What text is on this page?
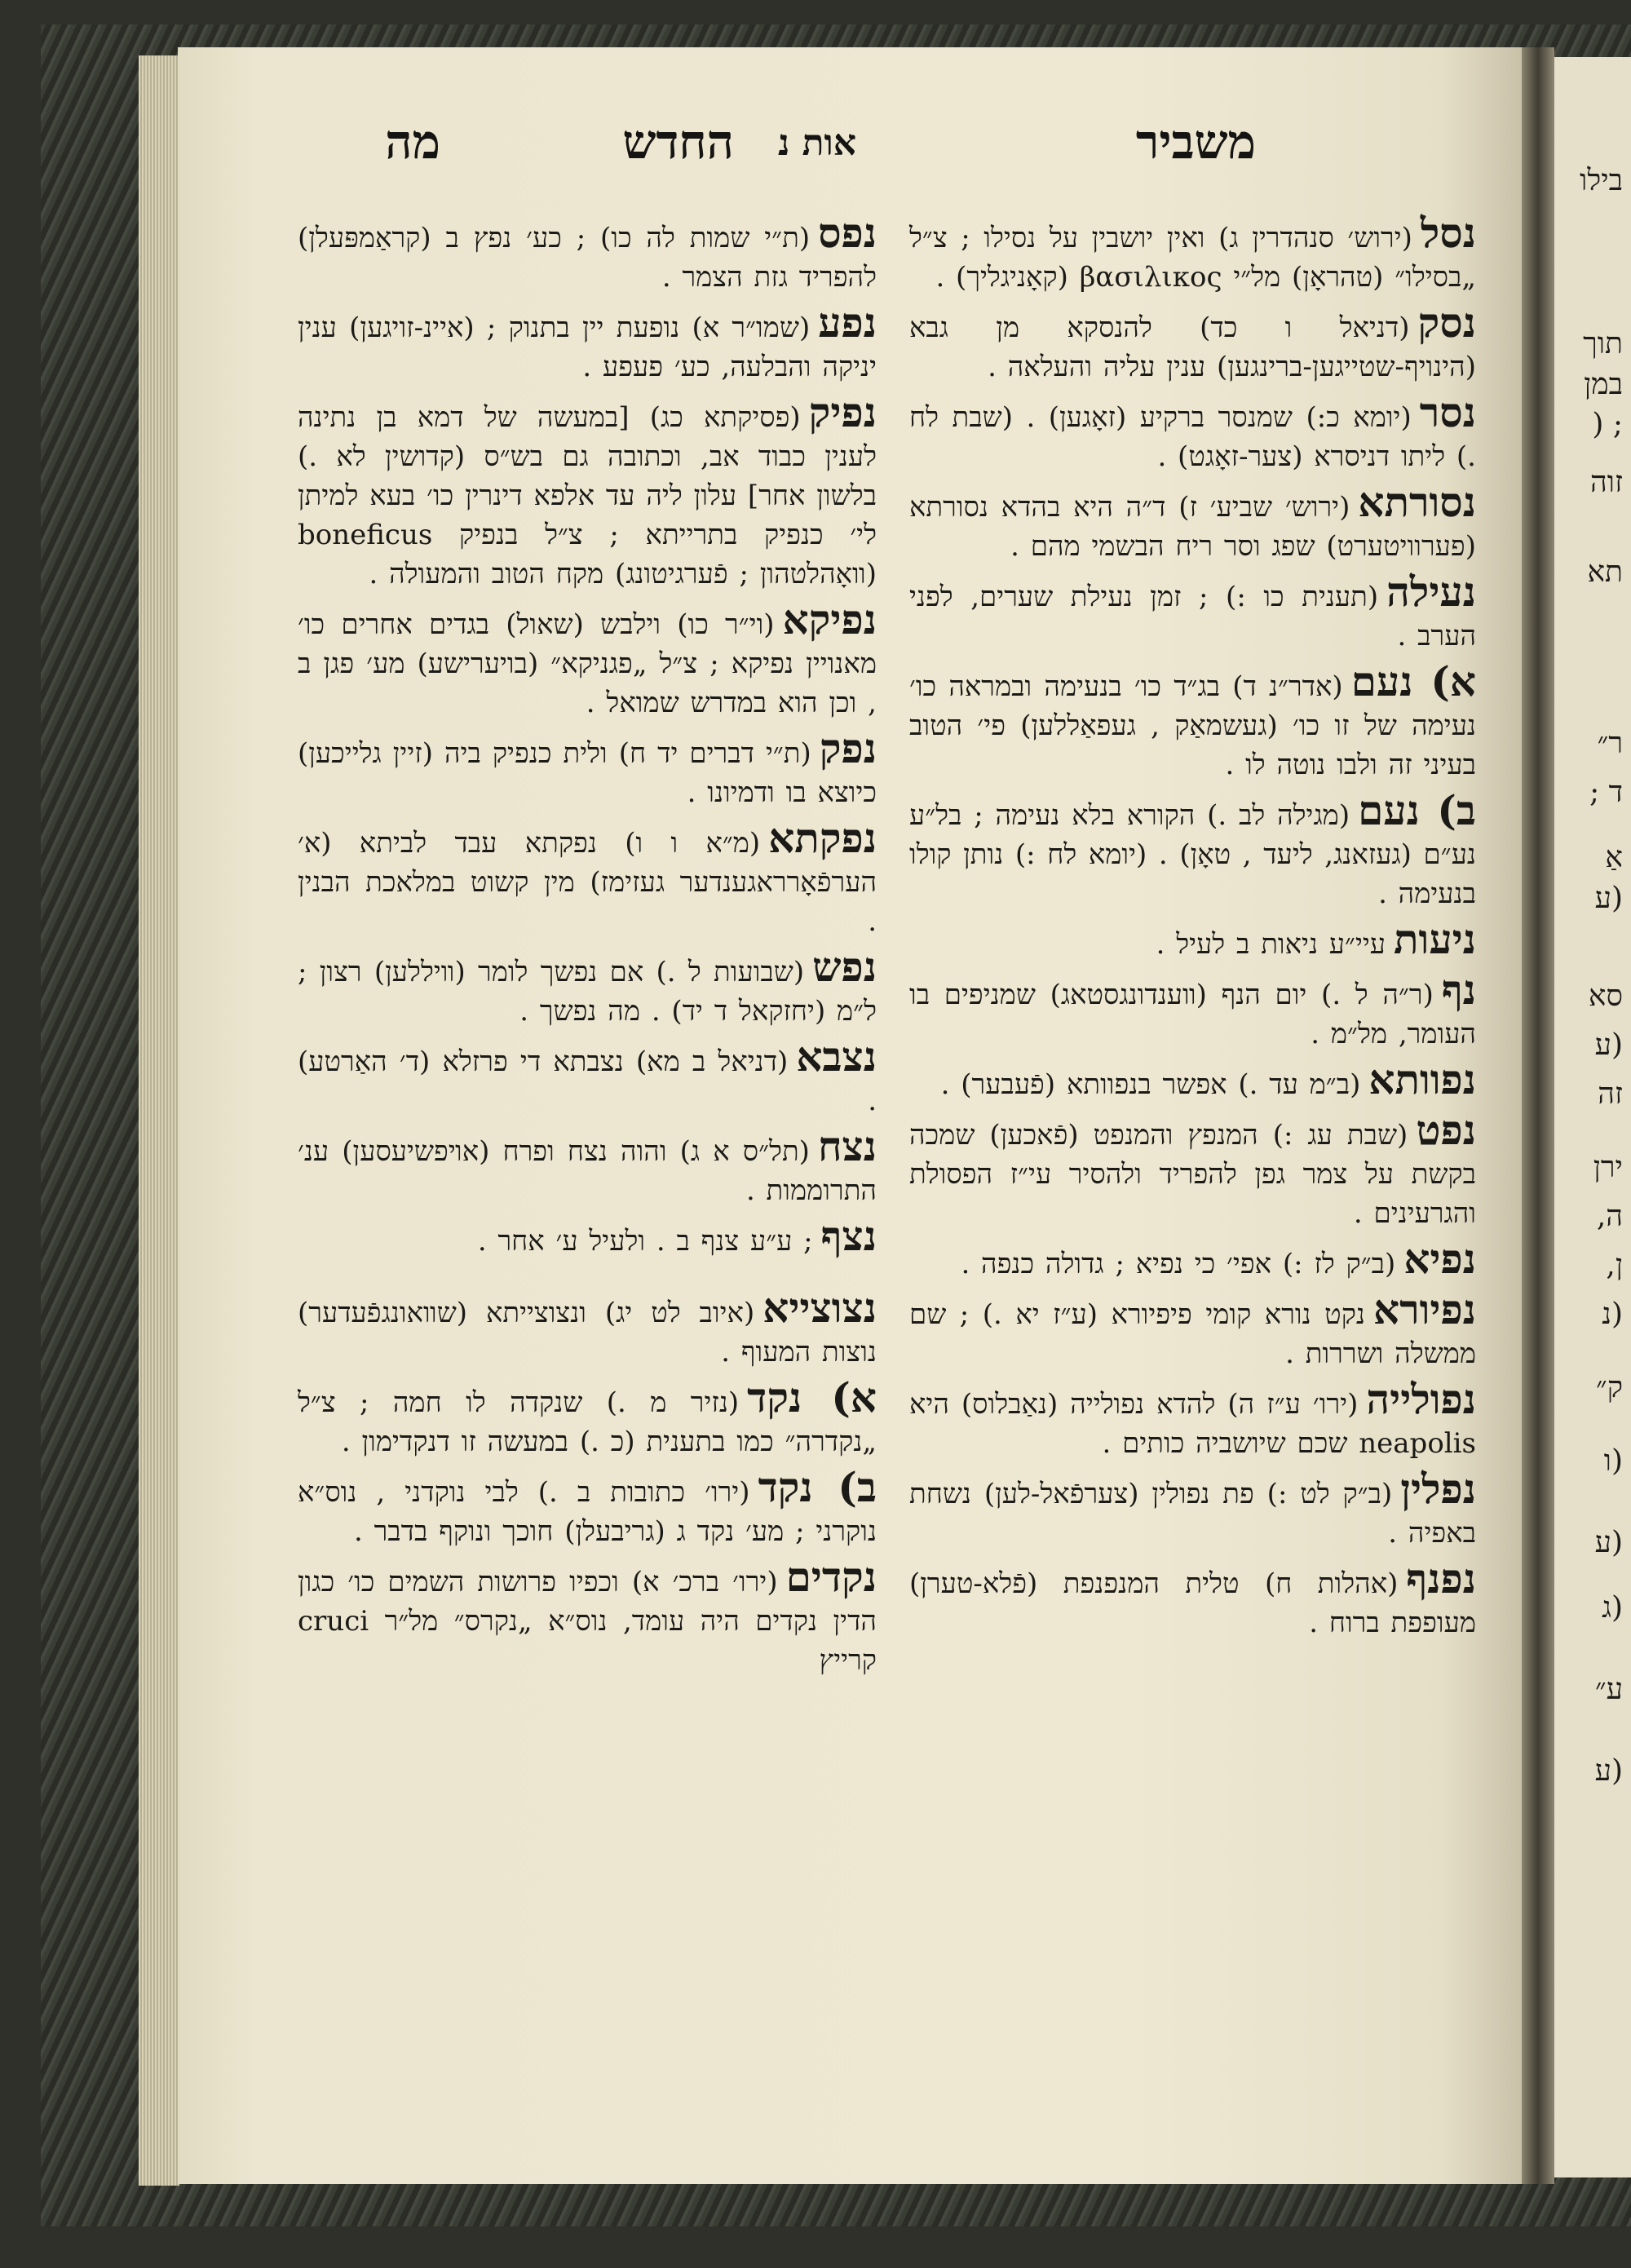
בילו
תוך
במן
; (
זוה
תא
ר״
ד ;
אַ
(ע
סא
(ע
זה
ירן
ה,
ן,
(נ
ק״
(ו
(ע
(ג
ע״
(ע
משביר
אות נ
החדש
מה
נסל(ירוש׳ סנהדרין ג) ואין יושבין על נסילו ; צ״ל „בסילו״ (טהראָן) מל״י βασιλικος (קאָניגליך) .
נסק(דניאל ו כד) להנסקא מן גבא (הינויף-שטייגען-ברינגען) ענין עליה והעלאה .
נסר(יומא כ:) שמנסר ברקיע (זאָגען) . (שבת לח .) ליתו דניסרא (צער-זאָגט) .
נסורתא(ירוש׳ שביע׳ ז) ד״ה היא בהדא נסורתא (פערוויטערט) שפג וסר ריח הבשמי מהם .
נעילה(תענית כו :) ; זמן נעילת שערים, לפני הערב .
א) נעם(אדר״נ ד) בג״ד כו׳ בנעימה ובמראה כו׳ נעימה של זו כו׳ (געשמאַק , געפאַללען) פי׳ הטוב בעיני זה ולבו נוטה לו .
ב) נעם(מגילה לב .) הקורא בלא נעימה ; בל״ע נע״ם (געזאנג, ליעד , טאָן) . (יומא לח :) נותן קולו בנעימה .
ניעותעיי״ע ניאות ב לעיל .
נף(ר״ה ל .) יום הנף (װענדונגסטאג) שמניפים בו העומר, מל״מ .
נפוותא(ב״מ עד .) אפשר בנפוותא (פֿעבער) .
נפט(שבת עג :) המנפץ והמנפט (פֿאכען) שמכה בקשת על צמר גפן להפריד ולהסיר עי״ז הפסולת והגרעינים .
נפיא(ב״ק לז :) אפי׳ כי נפיא ; גדולה כנפה .
נפיוראנקט נורא קומי פיפיורא (ע״ז יא .) ; שם ממשלה ושררות .
נפולייה(ירו׳ ע״ז ה) להדא נפולייה (נאַבלוס) היא neapolis שכם שיושביה כותים .
נפלין(ב״ק לט :) פת נפולין (צערפֿאל-לען) נשחת באפיה .
נפנף(אהלות ח) טלית המנפנפת (פֿלא-טערן) מעופפת ברוח .
נפס(ת״י שמות לה כו) ; כע׳ נפץ ב (קראַמפּעלן) להפריד גזת הצמר .
נפע(שמו״ר א) נופעת יין בתנוק ; (איינ-זויגען) ענין יניקה והבלעה, כע׳ פעפע .
נפיק(פסיקתא כג) [במעשה של דמא בן נתינה לענין כבוד אב, וכתובה גם בש״ס (קדושין לא .) בלשון אחר] עלון ליה עד אלפא דינרין כו׳ בעא למיתן לי׳ כנפיק בתרייתא ; צ״ל בנפיק boneficus (װאָהלטהון ; פֿערגיטונג) מקח הטוב והמעולה .
נפיקא(וי״ר כו) וילבש (שאול) בגדים אחרים כו׳ מאנויין נפיקא ; צ״ל „פגניקא״ (בויערישע) מע׳ פגן ב , וכן הוא במדרש שמואל .
נפק(ת״י דברים יד ח) ולית כנפיק ביה (זיין גלייכען) כיוצא בו ודמיונו .
נפקתא(מ״א ו ו) נפקתא עבד לביתא (א׳ הערפֿאָרראגענדער געזימז) מין קשוט במלאכת הבנין .
נפש(שבועות ל .) אם נפשך לומר (װיללען) רצון ; ל״מ (יחזקאל ד יד) . מה נפשך .
נצבא(דניאל ב מא) נצבתא די פרזלא (ד׳ האַרטע) .
נצח(תל״ס א ג) והוה נצח ופרח (אױפשיעסען) ענ׳ התרוממות .
נצף; ע״ע צנף ב . ולעיל ע׳ אחר .
נצוצייא(איוב לט יג) ונצוצייתא (שװאונגפֿעדער) נוצות המעוף .
א) נקד(נזיר מ .) שנקדה לו חמה ; צ״ל „נקדרה״ כמו בתענית (כ .) במעשה זו דנקדימון .
ב) נקד(ירו׳ כתובות ב .) לבי נוקדני , נוס״א נוקרני ; מע׳ נקד ג (גריבעלן) חוכך ונוקף בדבר .
נקדים(ירו׳ ברכ׳ א) וכפיו פרושות השמים כו׳ כגון הדין נקדים היה עומד, נוס״א „נקרס״ מל״ר cruci קרייץ
